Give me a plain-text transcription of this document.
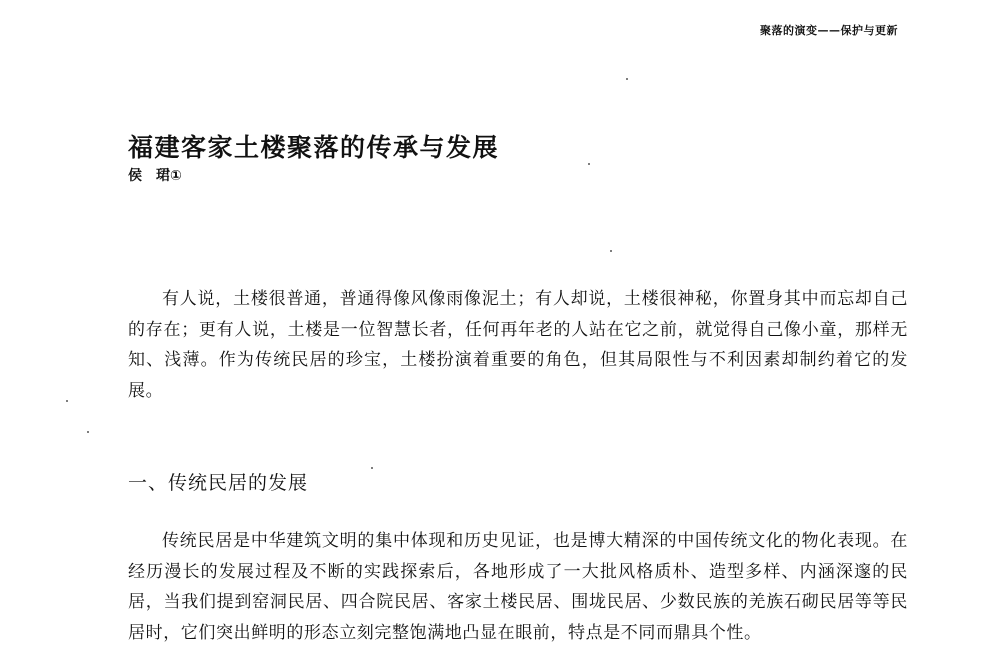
聚落的演变——保护与更新
福建客家土楼聚落的传承与发展
侯　珺①

有人说，土楼很普通，普通得像风像雨像泥土；有人却说，土楼很神秘，你置身其中而忘却自己的存在；更有人说，土楼是一位智慧长者，任何再年老的人站在它之前，就觉得自己像小童，那样无知、浅薄。作为传统民居的珍宝，土楼扮演着重要的角色，但其局限性与不利因素却制约着它的发展。

一、传统民居的发展

传统民居是中华建筑文明的集中体现和历史见证，也是博大精深的中国传统文化的物化表现。在经历漫长的发展过程及不断的实践探索后，各地形成了一大批风格质朴、造型多样、内涵深邃的民居，当我们提到窑洞民居、四合院民居、客家土楼民居、围垅民居、少数民族的羌族石砌民居等等民居时，它们突出鲜明的形态立刻完整饱满地凸显在眼前，特点是不同而鼎具个性。
